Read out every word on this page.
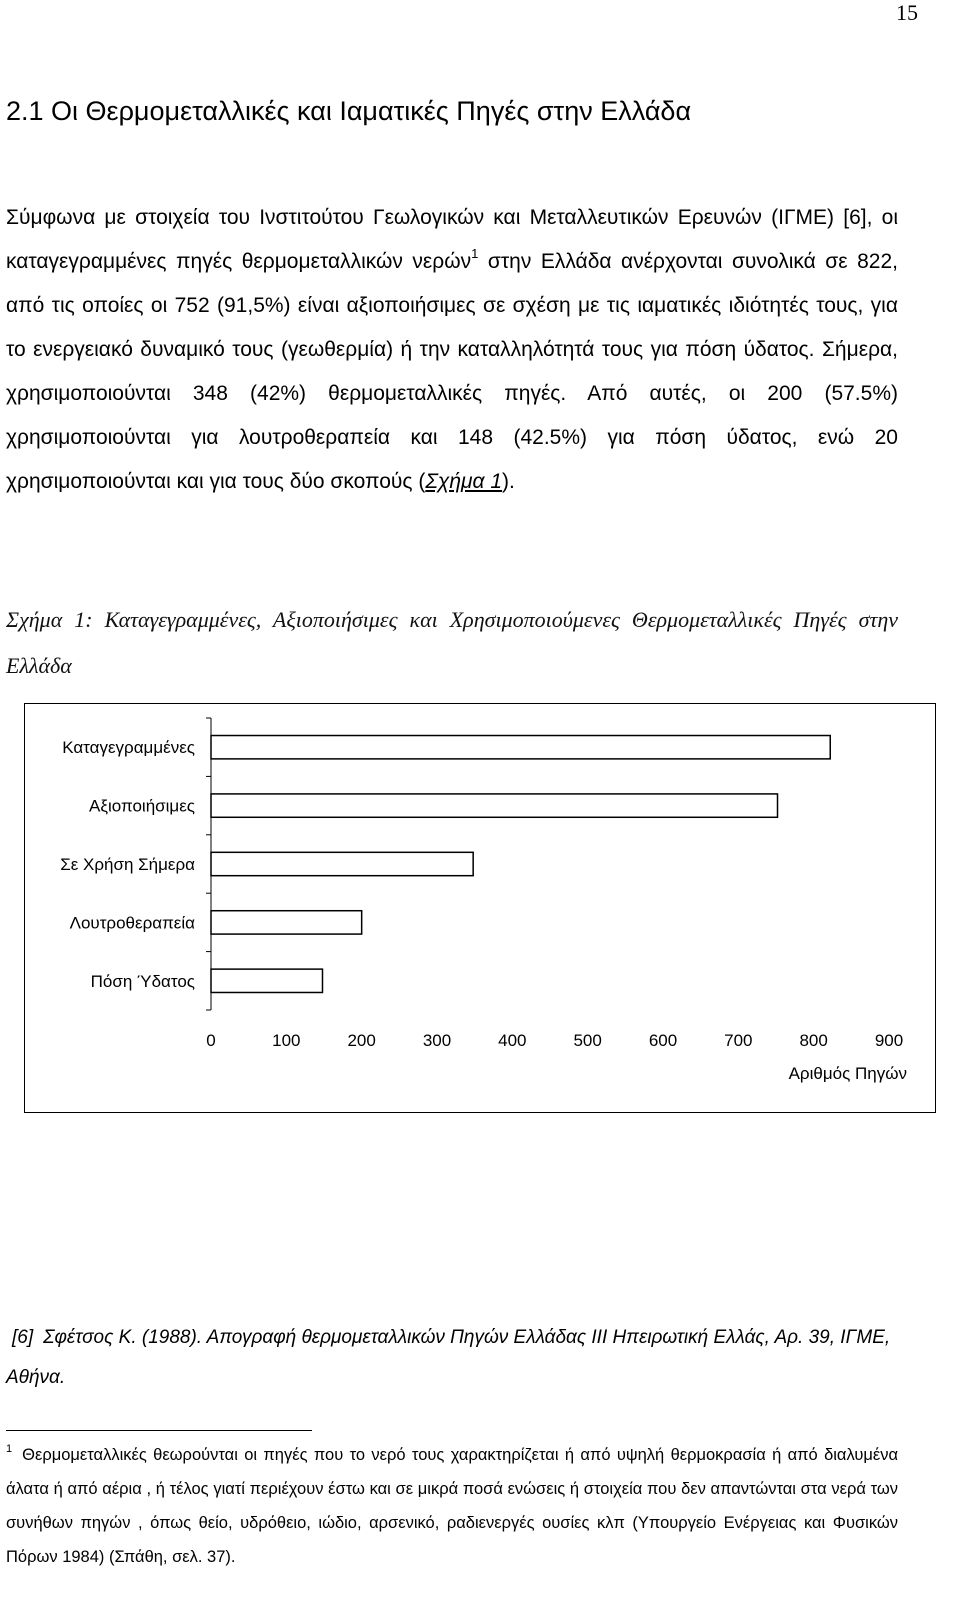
15
2.1 Οι Θερμομεταλλικές και Ιαματικές Πηγές στην Ελλάδα

Σύμφωνα με στοιχεία του Ινστιτούτου Γεωλογικών και Μεταλλευτικών Ερευνών (ΙΓΜΕ) [6], οι καταγεγραμμένες πηγές θερμομεταλλικών νερών$^1$ στην Ελλάδα ανέρχονται συνολικά σε 822, από τις οποίες οι 752 (91,5%) είναι αξιοποιήσιμες σε σχέση με τις ιαματικές ιδιότητές τους, για το ενεργειακό δυναμικό τους (γεωθερμία) ή την καταλληλότητά τους για πόση ύδατος. Σήμερα, χρησιμοποιούνται 348 (42%) θερμομεταλλικές πηγές. Από αυτές, οι 200 (57.5%) χρησιμοποιούνται για λουτροθεραπεία και 148 (42.5%) για πόση ύδατος, ενώ 20 χρησιμοποιούνται και για τους δύο σκοπούς (Σχήμα 1).

Σχήμα 1: Καταγεγραμμένες, Αξιοποιήσιμες και Χρησιμοποιούμενες Θερμομεταλλικές Πηγές στην Ελλάδα
Καταγεγραμμένες
Αξιοποιήσιμες
Σε Χρήση Σήμερα
Λουτροθεραπεία
Πόση Ύδατος
0	100	200	300	400	500	600	700	800	900
Αριθμός Πηγών
[6] Σφέτσος Κ. (1988). Απογραφή θερμομεταλλικών Πηγών Ελλάδας ΙΙΙ Ηπειρωτική Ελλάς, Αρ. 39, ΙΓΜΕ, Αθήνα.
$^1$ Θερμομεταλλικές θεωρούνται οι πηγές που το νερό τους χαρακτηρίζεται ή από υψηλή θερμοκρασία ή από διαλυμένα άλατα ή από αέρια , ή τέλος γιατί περιέχουν έστω και σε μικρά ποσά ενώσεις ή στοιχεία που δεν απαντώνται στα νερά των συνήθων πηγών , όπως θείο, υδρόθειο, ιώδιο, αρσενικό, ραδιενεργές ουσίες κλπ (Υπουργείο Ενέργειας και Φυσικών Πόρων 1984) (Σπάθη, σελ. 37).
